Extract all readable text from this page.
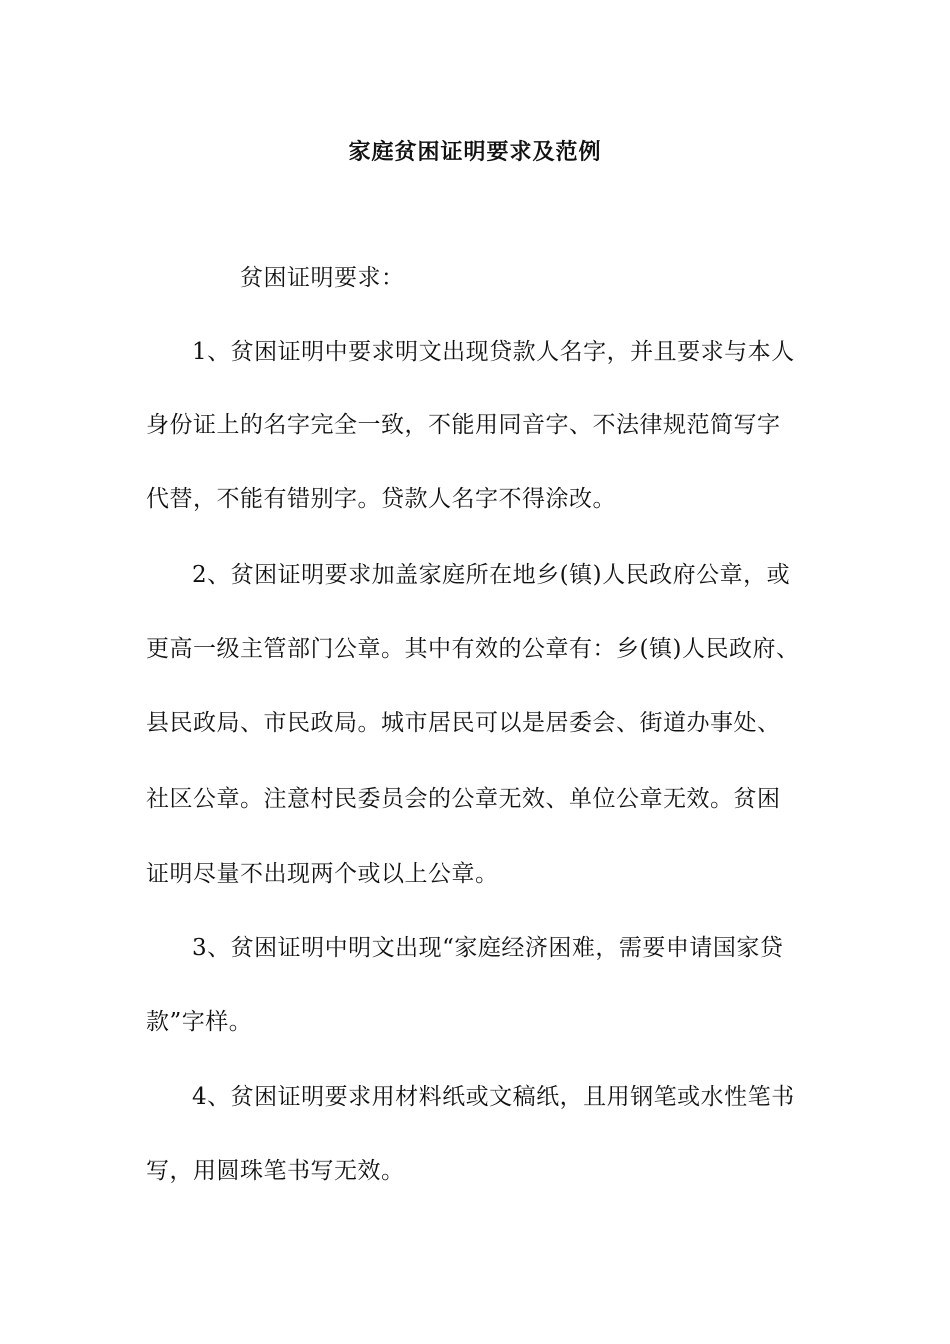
家庭贫困证明要求及范例
贫困证明要求：
1、贫困证明中要求明文出现贷款人名字，并且要求与本人
身份证上的名字完全一致，不能用同音字、不法律规范简写字
代替，不能有错别字。贷款人名字不得涂改。
2、贫困证明要求加盖家庭所在地乡(镇)人民政府公章，或
更高一级主管部门公章。其中有效的公章有：乡(镇)人民政府、
县民政局、市民政局。城市居民可以是居委会、街道办事处、
社区公章。注意村民委员会的公章无效、单位公章无效。贫困
证明尽量不出现两个或以上公章。
3、贫困证明中明文出现“家庭经济困难，需要申请国家贷
款”字样。
4、贫困证明要求用材料纸或文稿纸，且用钢笔或水性笔书
写，用圆珠笔书写无效。
